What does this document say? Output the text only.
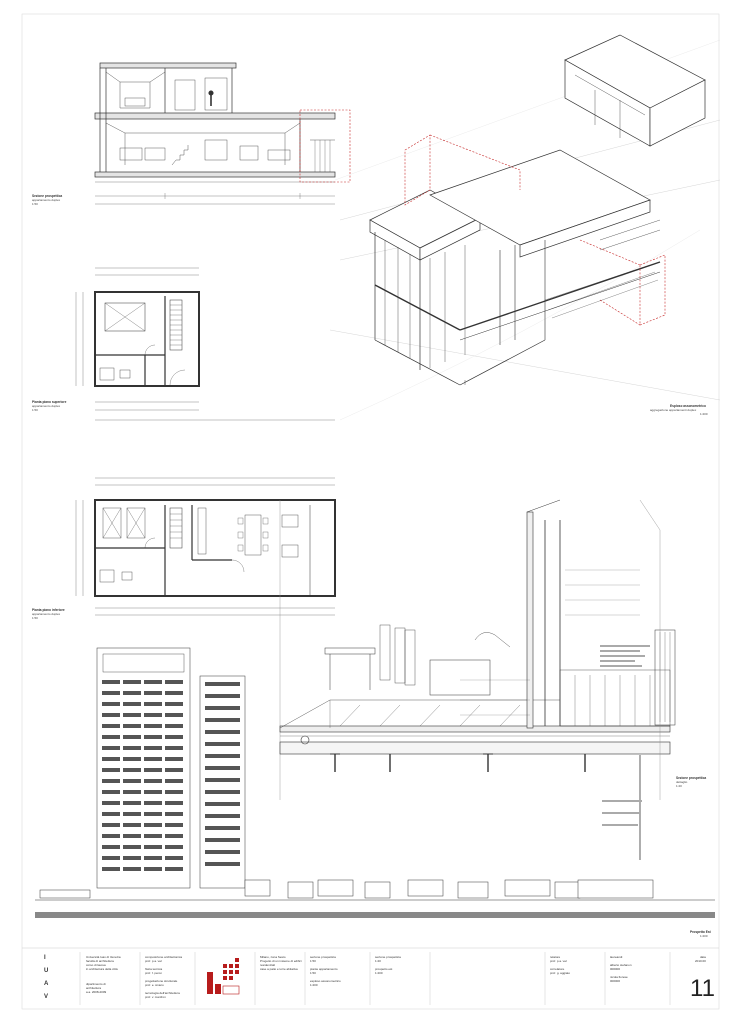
Sezione prospettica
appartamento duplex
1:50
Pianta piano superiore
appartamento duplex
1:50
Pianta piano inferiore
appartamento duplex
1:50
Esploso assonometrico
aggregazione appartamenti duplex
1:200
Sezione prospettica
dettaglio
1:20
Prospetto Est
1:200
I
U
A
V
Università Iuav di Venezia
facoltà di architettura
corso di laurea
in architettura della città
dipartimento di
architettura
a.a. 2008-2009
composizione architettonica
prof. p.a. val

fisica tecnica
prof. f. peron

progettazione strutturale
prof. e. siviero

tecnologia dell'architettura
prof. v. manfron
Milano, zona Sesto
Progetto di un insieme di edifici
residenziali
case a patio e torre abitativa
sezione prospettica
1:50

piante appartamento
1:50

esploso assonometrico
1:200
sezione prospettica
1:20

prospetto est
1:200
relatore
prof. p.a. val

correlatore
prof. g. aggiato
laureandi

alberto stefanon
000000

nicola fiorese
000000
data
2010.00
11
